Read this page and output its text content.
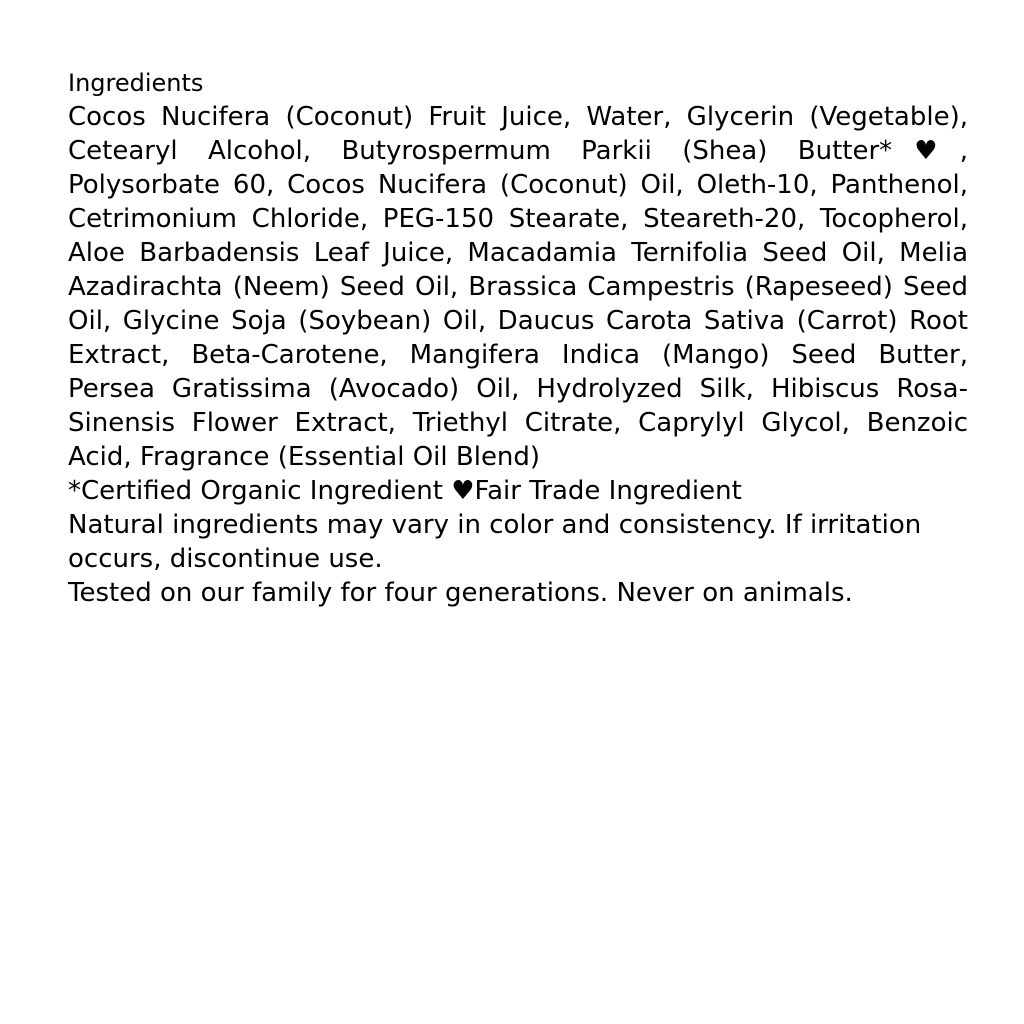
Ingredients
Cocos Nucifera (Coconut) Fruit Juice, Water, Glycerin (Vegetable), Cetearyl Alcohol, Butyrospermum Parkii (Shea) Butter*♥, Polysorbate 60, Cocos Nucifera (Coconut) Oil, Oleth-10, Panthenol, Cetrimonium Chloride, PEG-150 Stearate, Steareth-20, Tocopherol, Aloe Barbadensis Leaf Juice, Macadamia Ternifolia Seed Oil, Melia Azadirachta (Neem) Seed Oil, Brassica Campestris (Rapeseed) Seed Oil, Glycine Soja (Soybean) Oil, Daucus Carota Sativa (Carrot) Root Extract, Beta-Carotene, Mangifera Indica (Mango) Seed Butter, Persea Gratissima (Avocado) Oil, Hydrolyzed Silk, Hibiscus Rosa-Sinensis Flower Extract, Triethyl Citrate, Caprylyl Glycol, Benzoic Acid, Fragrance (Essential Oil Blend)
*Certified Organic Ingredient ♥Fair Trade Ingredient
Natural ingredients may vary in color and consistency. If irritation occurs, discontinue use.
Tested on our family for four generations. Never on animals.
